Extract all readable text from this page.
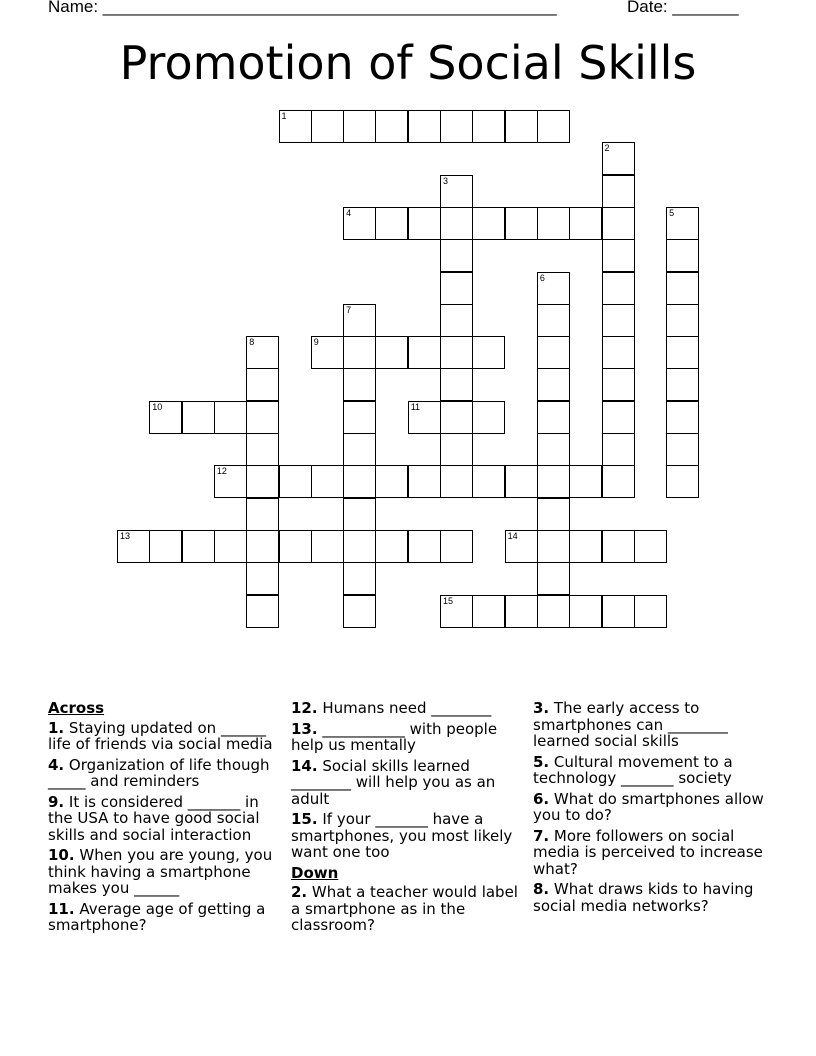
Name: ________________________________________________	Date: _______
Promotion of Social Skills
1
2
3
4	5
6
7
8	9
10	11
12
13	14
15
Across
1. Staying updated on ______ life of friends via social media
4. Organization of life though _____ and reminders
9. It is considered _______ in the USA to have good social skills and social interaction
10. When you are young, you think having a smartphone makes you ______
11. Average age of getting a smartphone?
12. Humans need ________
13. ___________ with people help us mentally
14. Social skills learned ________ will help you as an adult
15. If your _______ have a smartphones, you most likely want one too
Down
2. What a teacher would label a smartphone as in the classroom?
3. The early access to smartphones can ________ learned social skills
5. Cultural movement to a technology _______ society
6. What do smartphones allow you to do?
7. More followers on social media is perceived to increase what?
8. What draws kids to having social media networks?
